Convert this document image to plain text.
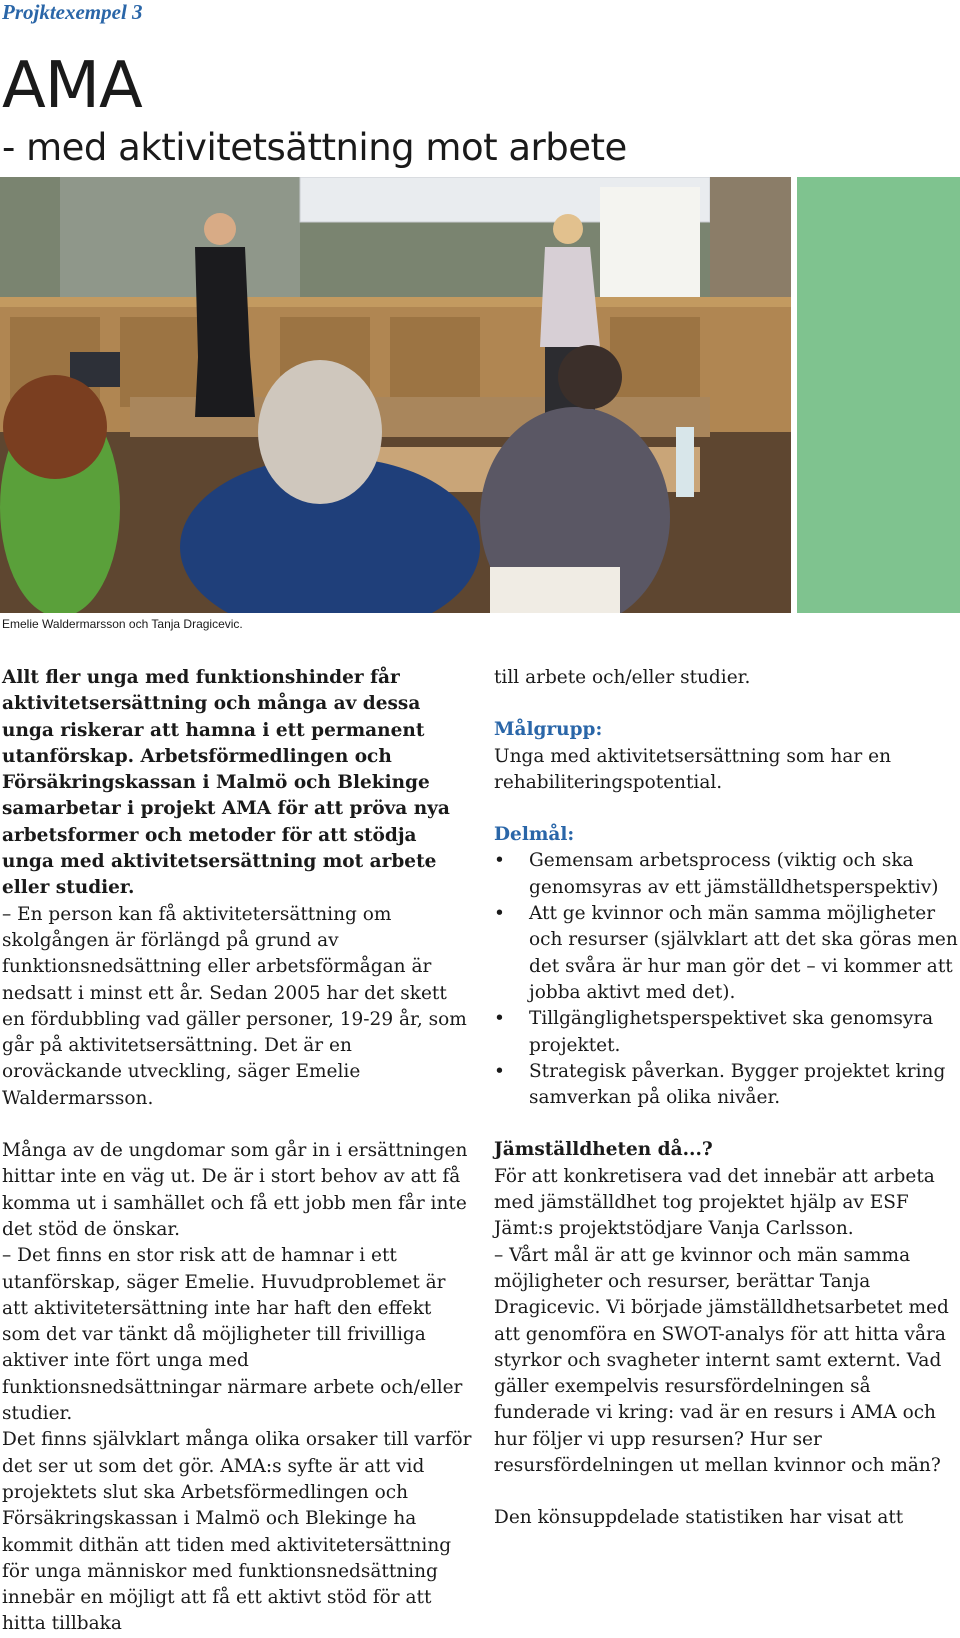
Projktexempel 3
AMA
- med aktivitetsättning mot arbete
Emelie Waldermarsson och Tanja Dragicevic.

Allt fler unga med funktionshinder får aktivitetsersättning och många av dessa unga riskerar att hamna i ett permanent utanförskap. Arbetsförmedlingen och Försäkringskassan i Malmö och Blekinge samarbetar i projekt AMA för att pröva nya arbetsformer och metoder för att stödja unga med aktivitetsersättning mot arbete eller studier.

– En person kan få aktivitetersättning om skolgången är förlängd på grund av funktionsnedsättning eller arbetsförmågan är nedsatt i minst ett år. Sedan 2005 har det skett en fördubbling vad gäller personer, 19-29 år, som går på aktivitetsersättning. Det är en oroväckande utveckling, säger Emelie Waldermarsson.

Många av de ungdomar som går in i ersättningen hittar inte en väg ut. De är i stort behov av att få komma ut i samhället och få ett jobb men får inte det stöd de önskar.

– Det finns en stor risk att de hamnar i ett utanförskap, säger Emelie. Huvudproblemet är att aktivitetersättning inte har haft den effekt som det var tänkt då möjligheter till frivilliga aktiver inte fört unga med funktionsnedsättningar närmare arbete och/eller studier.

Det finns självklart många olika orsaker till varför det ser ut som det gör. AMA:s syfte är att vid projektets slut ska Arbetsförmedlingen och Försäkringskassan i Malmö och Blekinge ha kommit dithän att tiden med aktivitetersättning för unga människor med funktionsnedsättning innebär en möjligt att få ett aktivt stöd för att hitta tillbaka

till arbete och/eller studier.

Målgrupp:

Unga med aktivitetsersättning som har en rehabiliteringspotential.

Delmål:

• Gemensam arbetsprocess (viktig och ska genomsyras av ett jämställdhetsperspektiv)
• Att ge kvinnor och män samma möjligheter och resurser (självklart att det ska göras men det svåra är hur man gör det – vi kommer att jobba aktivt med det).
• Tillgänglighetsperspektivet ska genomsyra projektet.
• Strategisk påverkan. Bygger projektet kring samverkan på olika nivåer.

Jämställdheten då...?

För att konkretisera vad det innebär att arbeta med jämställdhet tog projektet hjälp av ESF Jämt:s projektstödjare Vanja Carlsson.

– Vårt mål är att ge kvinnor och män samma möjligheter och resurser, berättar Tanja Dragicevic. Vi började jämställdhetsarbetet med att genomföra en SWOT-analys för att hitta våra styrkor och svagheter internt samt externt. Vad gäller exempelvis resursfördelningen så funderade vi kring: vad är en resurs i AMA och hur följer vi upp resursen? Hur ser resursfördelningen ut mellan kvinnor och män?

Den könsuppdelade statistiken har visat att
